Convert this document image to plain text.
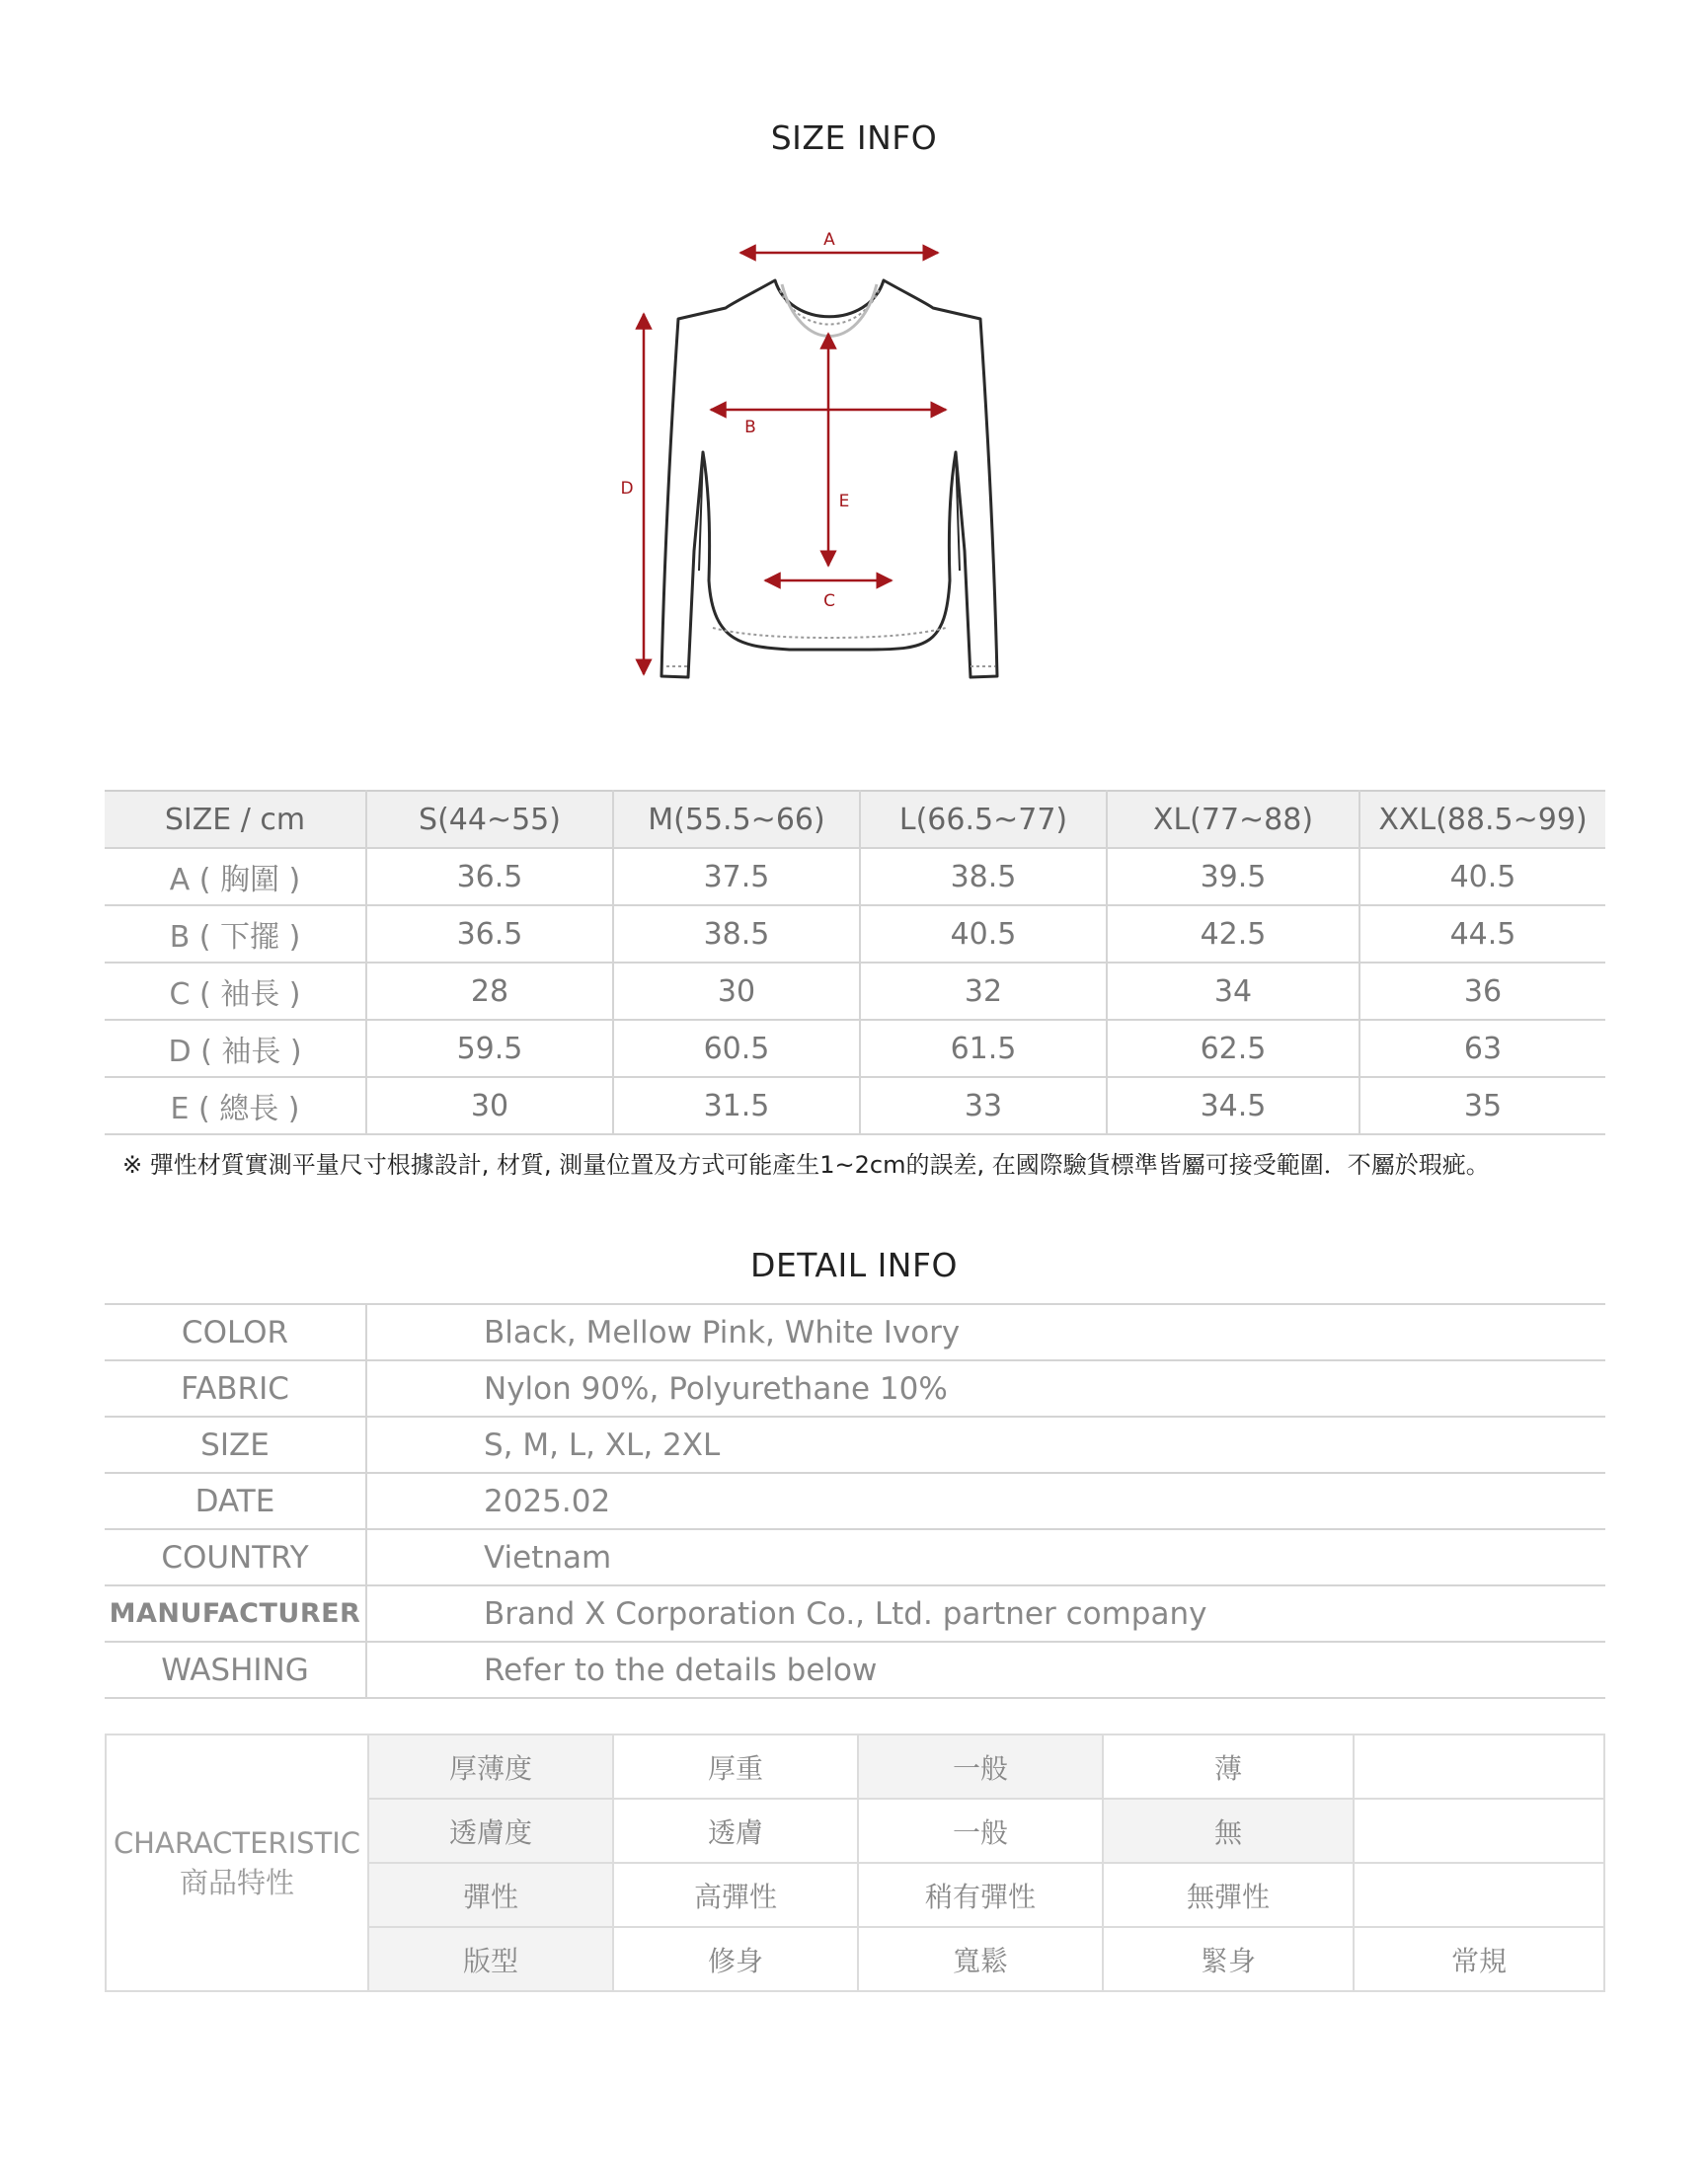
SIZE INFO
A
B
C
D
E
SIZE / cm	S(44~55)	M(55.5~66)	L(66.5~77)	XL(77~88)	XXL(88.5~99)
A ( 胸圍 )	36.5	37.5	38.5	39.5	40.5
B ( 下擺 )	36.5	38.5	40.5	42.5	44.5
C ( 袖長 )	28	30	32	34	36
D ( 袖長 )	59.5	60.5	61.5	62.5	63
E ( 總長 )	30	31.5	33	34.5	35
※ 彈性材質實測平量尺寸根據設計, 材質, 測量位置及方式可能產生1~2cm的誤差, 在國際驗貨標準皆屬可接受範圍．不屬於瑕疵。
DETAIL INFO
COLOR	Black, Mellow Pink, White Ivory
FABRIC	Nylon 90%, Polyurethane 10%
SIZE	S, M, L, XL, 2XL
DATE	2025.02
COUNTRY	Vietnam
MANUFACTURER	Brand X Corporation Co., Ltd. partner company
WASHING	Refer to the details below
CHARACTERISTIC
商品特性	厚薄度	厚重	一般	薄	
	透膚度	透膚	一般	無	
	彈性	高彈性	稍有彈性	無彈性	
	版型	修身	寬鬆	緊身	常規
